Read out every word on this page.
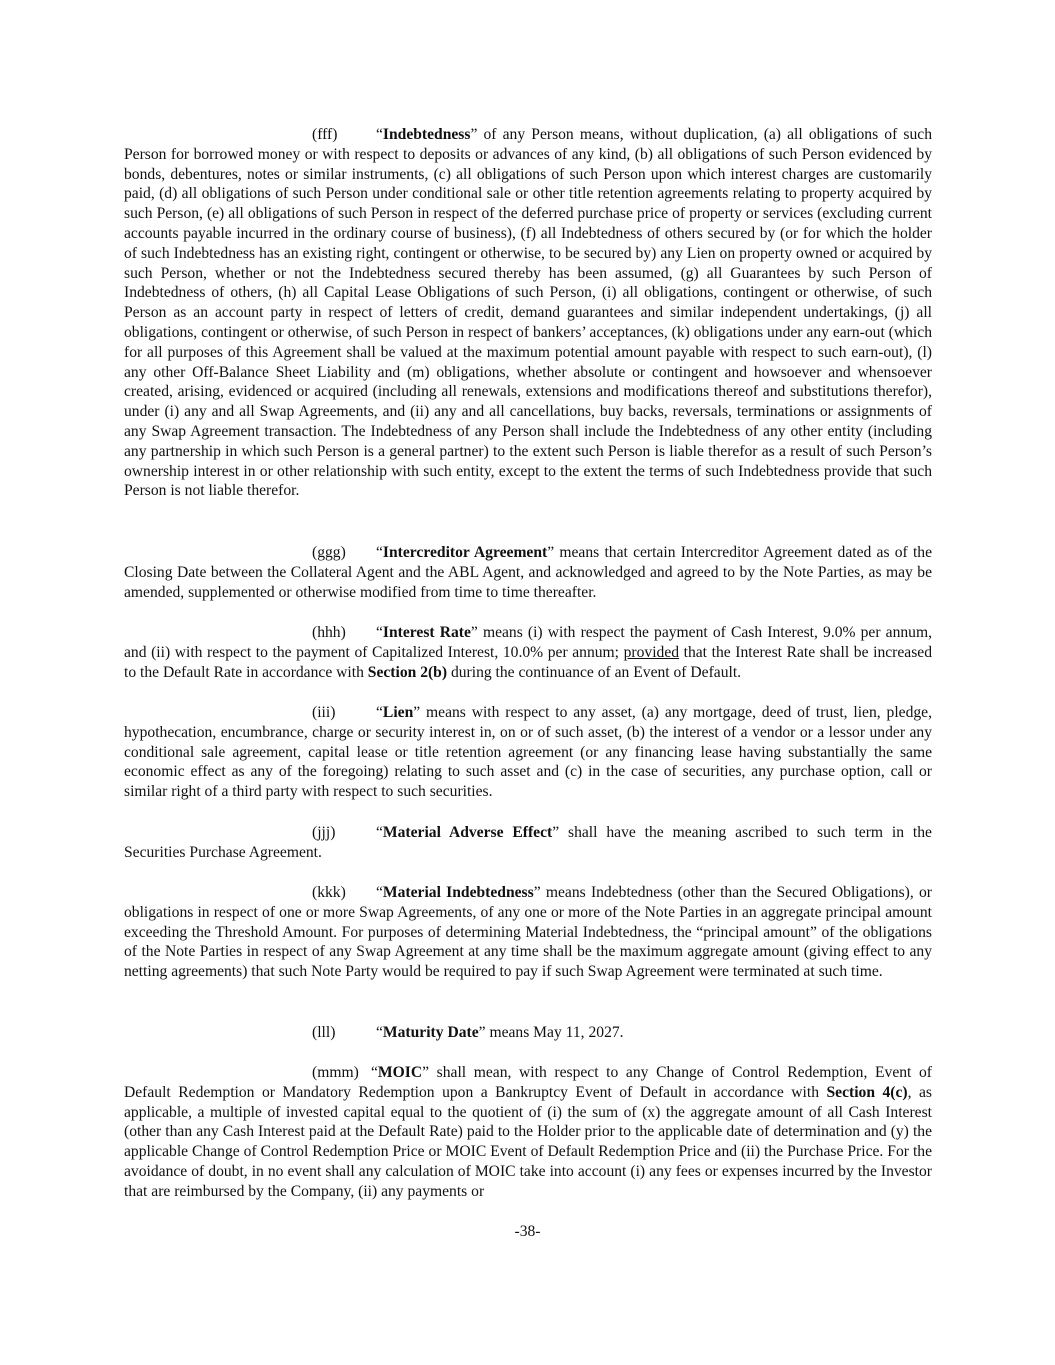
(fff) “Indebtedness” of any Person means, without duplication, (a) all obligations of such Person for borrowed money or with respect to deposits or advances of any kind, (b) all obligations of such Person evidenced by bonds, debentures, notes or similar instruments, (c) all obligations of such Person upon which interest charges are customarily paid, (d) all obligations of such Person under conditional sale or other title retention agreements relating to property acquired by such Person, (e) all obligations of such Person in respect of the deferred purchase price of property or services (excluding current accounts payable incurred in the ordinary course of business), (f) all Indebtedness of others secured by (or for which the holder of such Indebtedness has an existing right, contingent or otherwise, to be secured by) any Lien on property owned or acquired by such Person, whether or not the Indebtedness secured thereby has been assumed, (g) all Guarantees by such Person of Indebtedness of others, (h) all Capital Lease Obligations of such Person, (i) all obligations, contingent or otherwise, of such Person as an account party in respect of letters of credit, demand guarantees and similar independent undertakings, (j) all obligations, contingent or otherwise, of such Person in respect of bankers’ acceptances, (k) obligations under any earn-out (which for all purposes of this Agreement shall be valued at the maximum potential amount payable with respect to such earn-out), (l) any other Off-Balance Sheet Liability and (m) obligations, whether absolute or contingent and howsoever and whensoever created, arising, evidenced or acquired (including all renewals, extensions and modifications thereof and substitutions therefor), under (i) any and all Swap Agreements, and (ii) any and all cancellations, buy backs, reversals, terminations or assignments of any Swap Agreement transaction. The Indebtedness of any Person shall include the Indebtedness of any other entity (including any partnership in which such Person is a general partner) to the extent such Person is liable therefor as a result of such Person’s ownership interest in or other relationship with such entity, except to the extent the terms of such Indebtedness provide that such Person is not liable therefor.

(ggg) “Intercreditor Agreement” means that certain Intercreditor Agreement dated as of the Closing Date between the Collateral Agent and the ABL Agent, and acknowledged and agreed to by the Note Parties, as may be amended, supplemented or otherwise modified from time to time thereafter.

(hhh) “Interest Rate” means (i) with respect the payment of Cash Interest, 9.0% per annum, and (ii) with respect to the payment of Capitalized Interest, 10.0% per annum; provided that the Interest Rate shall be increased to the Default Rate in accordance with Section 2(b) during the continuance of an Event of Default.

(iii)	“Lien” means with respect to any asset, (a) any mortgage, deed of trust, lien, pledge, hypothecation, encumbrance, charge or security interest in, on or of such asset, (b) the interest of a vendor or a lessor under any conditional sale agreement, capital lease or title retention agreement (or any financing lease having substantially the same economic effect as any of the foregoing) relating to such asset and (c) in the case of securities, any purchase option, call or similar right of a third party with respect to such securities.

(jjj)	“Material Adverse Effect” shall have the meaning ascribed to such term in the Securities Purchase Agreement.

(kkk) “Material Indebtedness” means Indebtedness (other than the Secured Obligations), or obligations in respect of one or more Swap Agreements, of any one or more of the Note Parties in an aggregate principal amount exceeding the Threshold Amount. For purposes of determining Material Indebtedness, the “principal amount” of the obligations of the Note Parties in respect of any Swap Agreement at any time shall be the maximum aggregate amount (giving effect to any netting agreements) that such Note Party would be required to pay if such Swap Agreement were terminated at such time.

(lll)	“Maturity Date” means May 11, 2027.

(mmm) “MOIC” shall mean, with respect to any Change of Control Redemption, Event of Default Redemption or Mandatory Redemption upon a Bankruptcy Event of Default in accordance with Section 4(c), as applicable, a multiple of invested capital equal to the quotient of (i) the sum of (x) the aggregate amount of all Cash Interest (other than any Cash Interest paid at the Default Rate) paid to the Holder prior to the applicable date of determination and (y) the applicable Change of Control Redemption Price or MOIC Event of Default Redemption Price and (ii) the Purchase Price. For the avoidance of doubt, in no event shall any calculation of MOIC take into account (i) any fees or expenses incurred by the Investor that are reimbursed by the Company, (ii) any payments or

-38-
